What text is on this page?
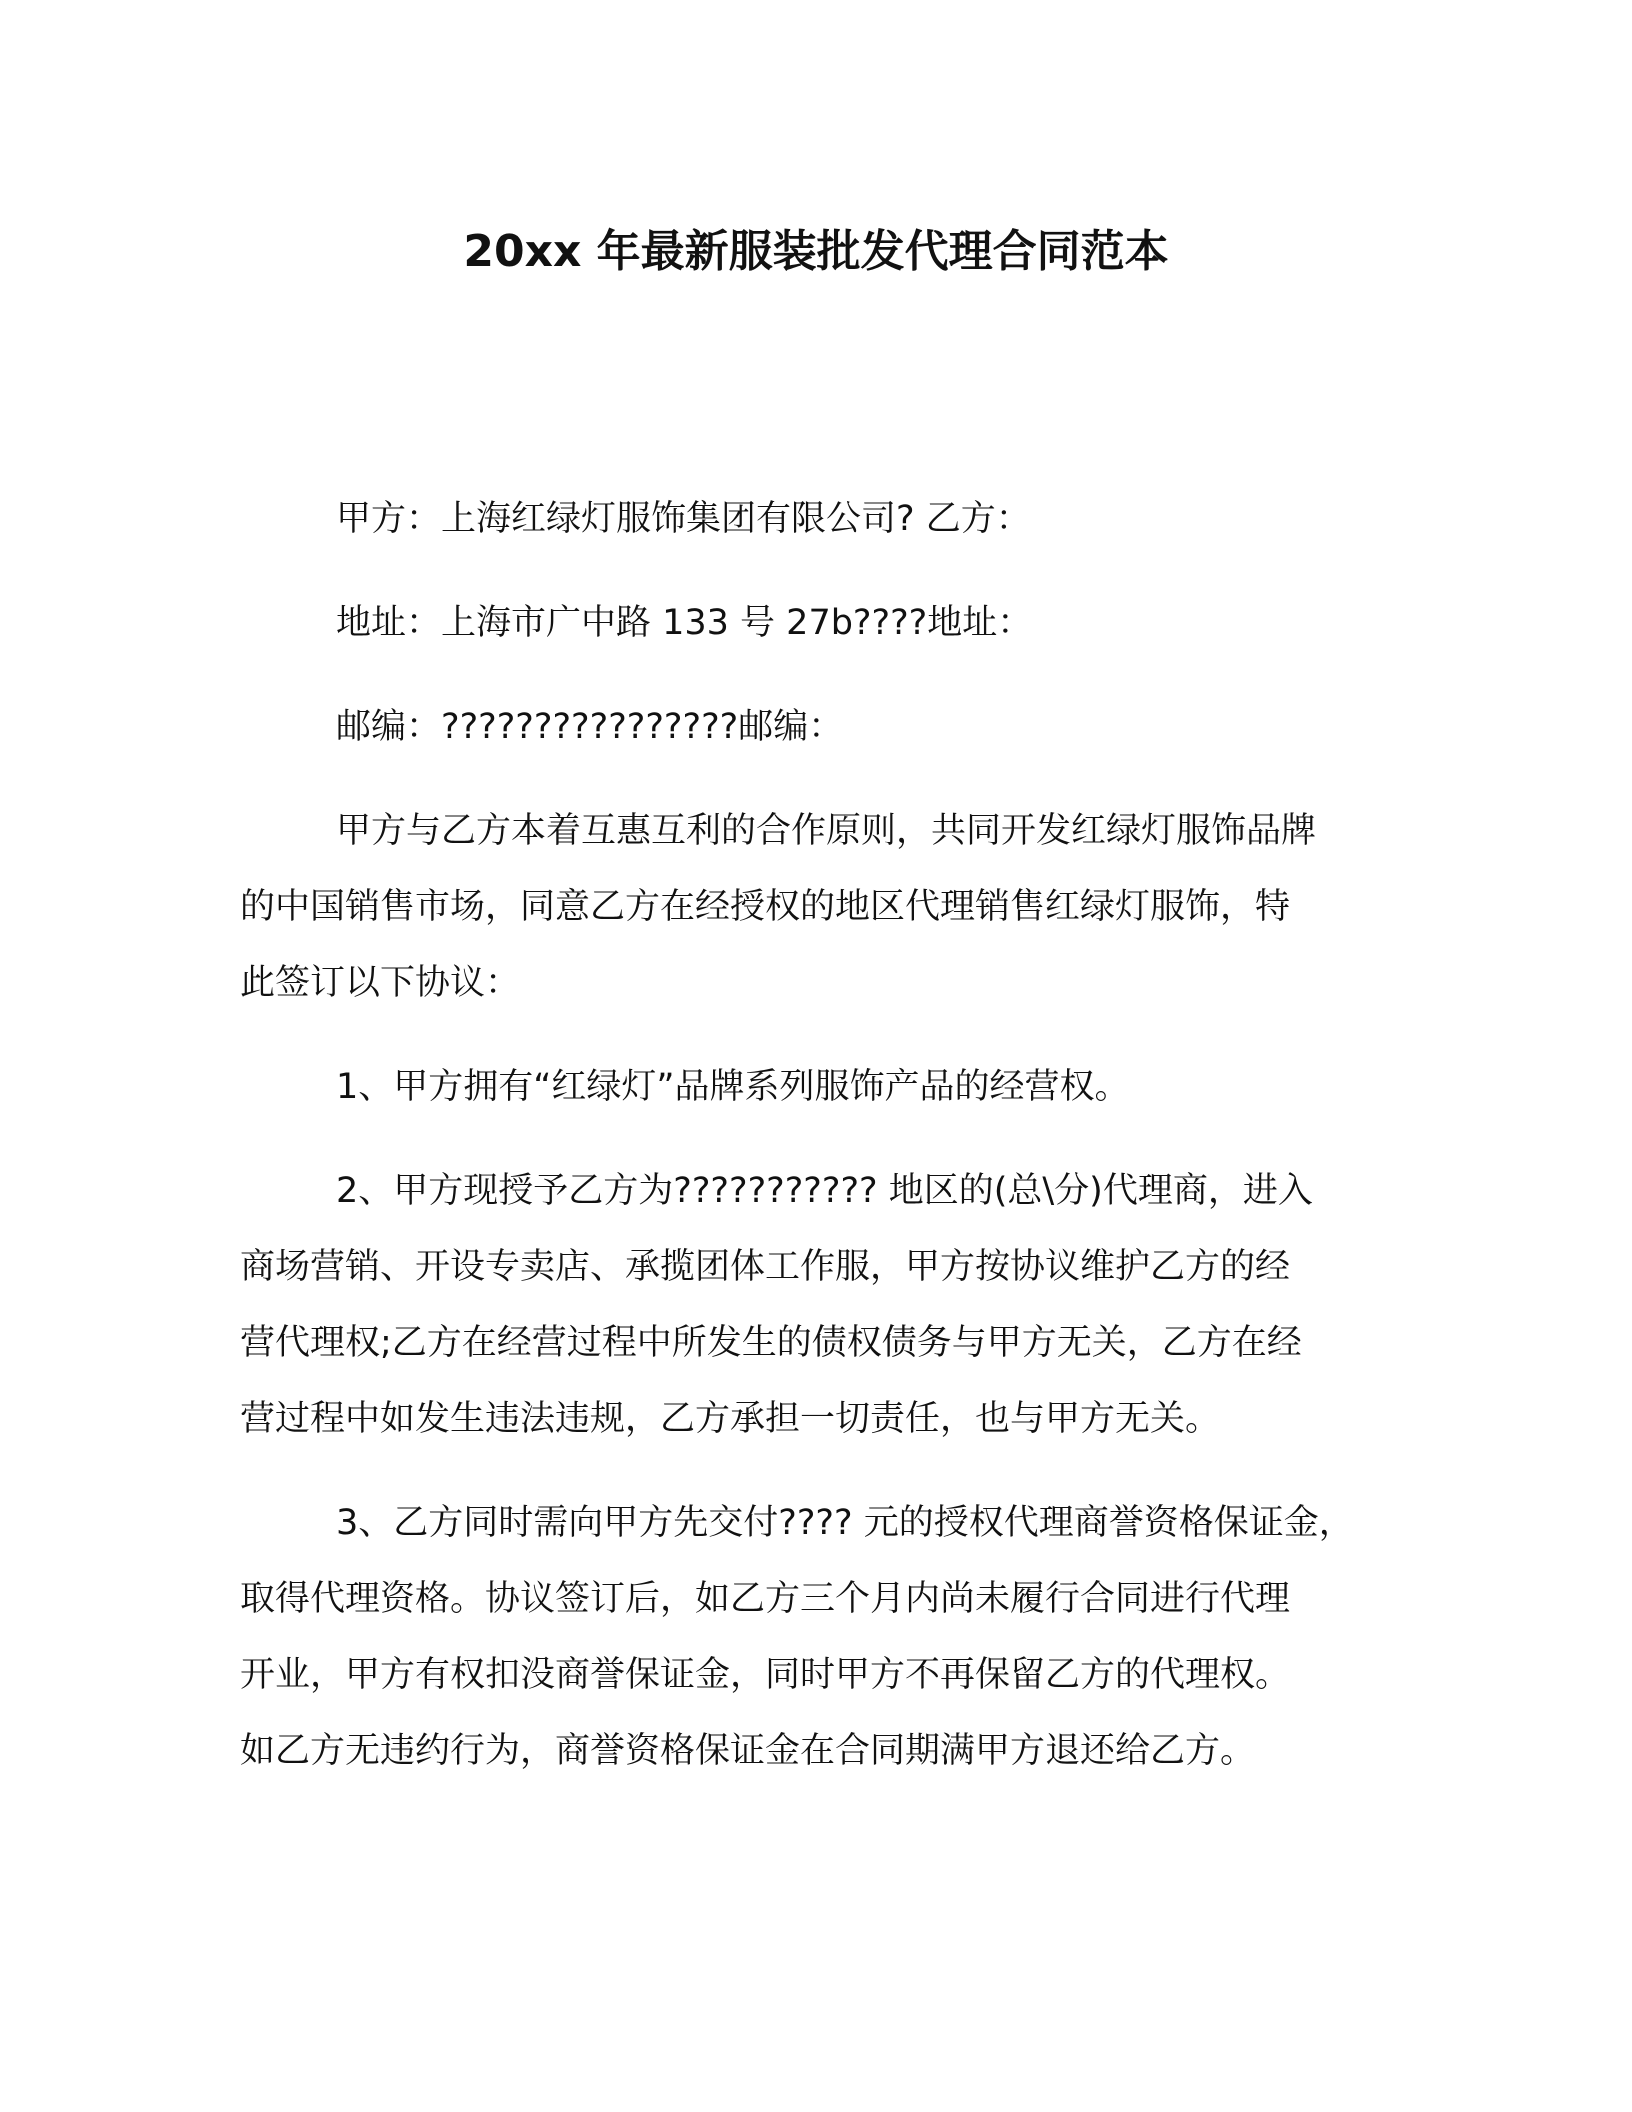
20xx 年最新服装批发代理合同范本
甲方：上海红绿灯服饰集团有限公司? 乙方：
地址：上海市广中路 133 号 27b????地址：
邮编：????????????????邮编：
甲方与乙方本着互惠互利的合作原则，共同开发红绿灯服饰品牌
的中国销售市场，同意乙方在经授权的地区代理销售红绿灯服饰，特
此签订以下协议：
1、甲方拥有“红绿灯”品牌系列服饰产品的经营权。
2、甲方现授予乙方为??????????? 地区的(总\分)代理商，进入
商场营销、开设专卖店、承揽团体工作服，甲方按协议维护乙方的经
营代理权;乙方在经营过程中所发生的债权债务与甲方无关，乙方在经
营过程中如发生违法违规，乙方承担一切责任，也与甲方无关。
3、乙方同时需向甲方先交付???? 元的授权代理商誉资格保证金，
取得代理资格。协议签订后，如乙方三个月内尚未履行合同进行代理
开业，甲方有权扣没商誉保证金，同时甲方不再保留乙方的代理权。
如乙方无违约行为，商誉资格保证金在合同期满甲方退还给乙方。
